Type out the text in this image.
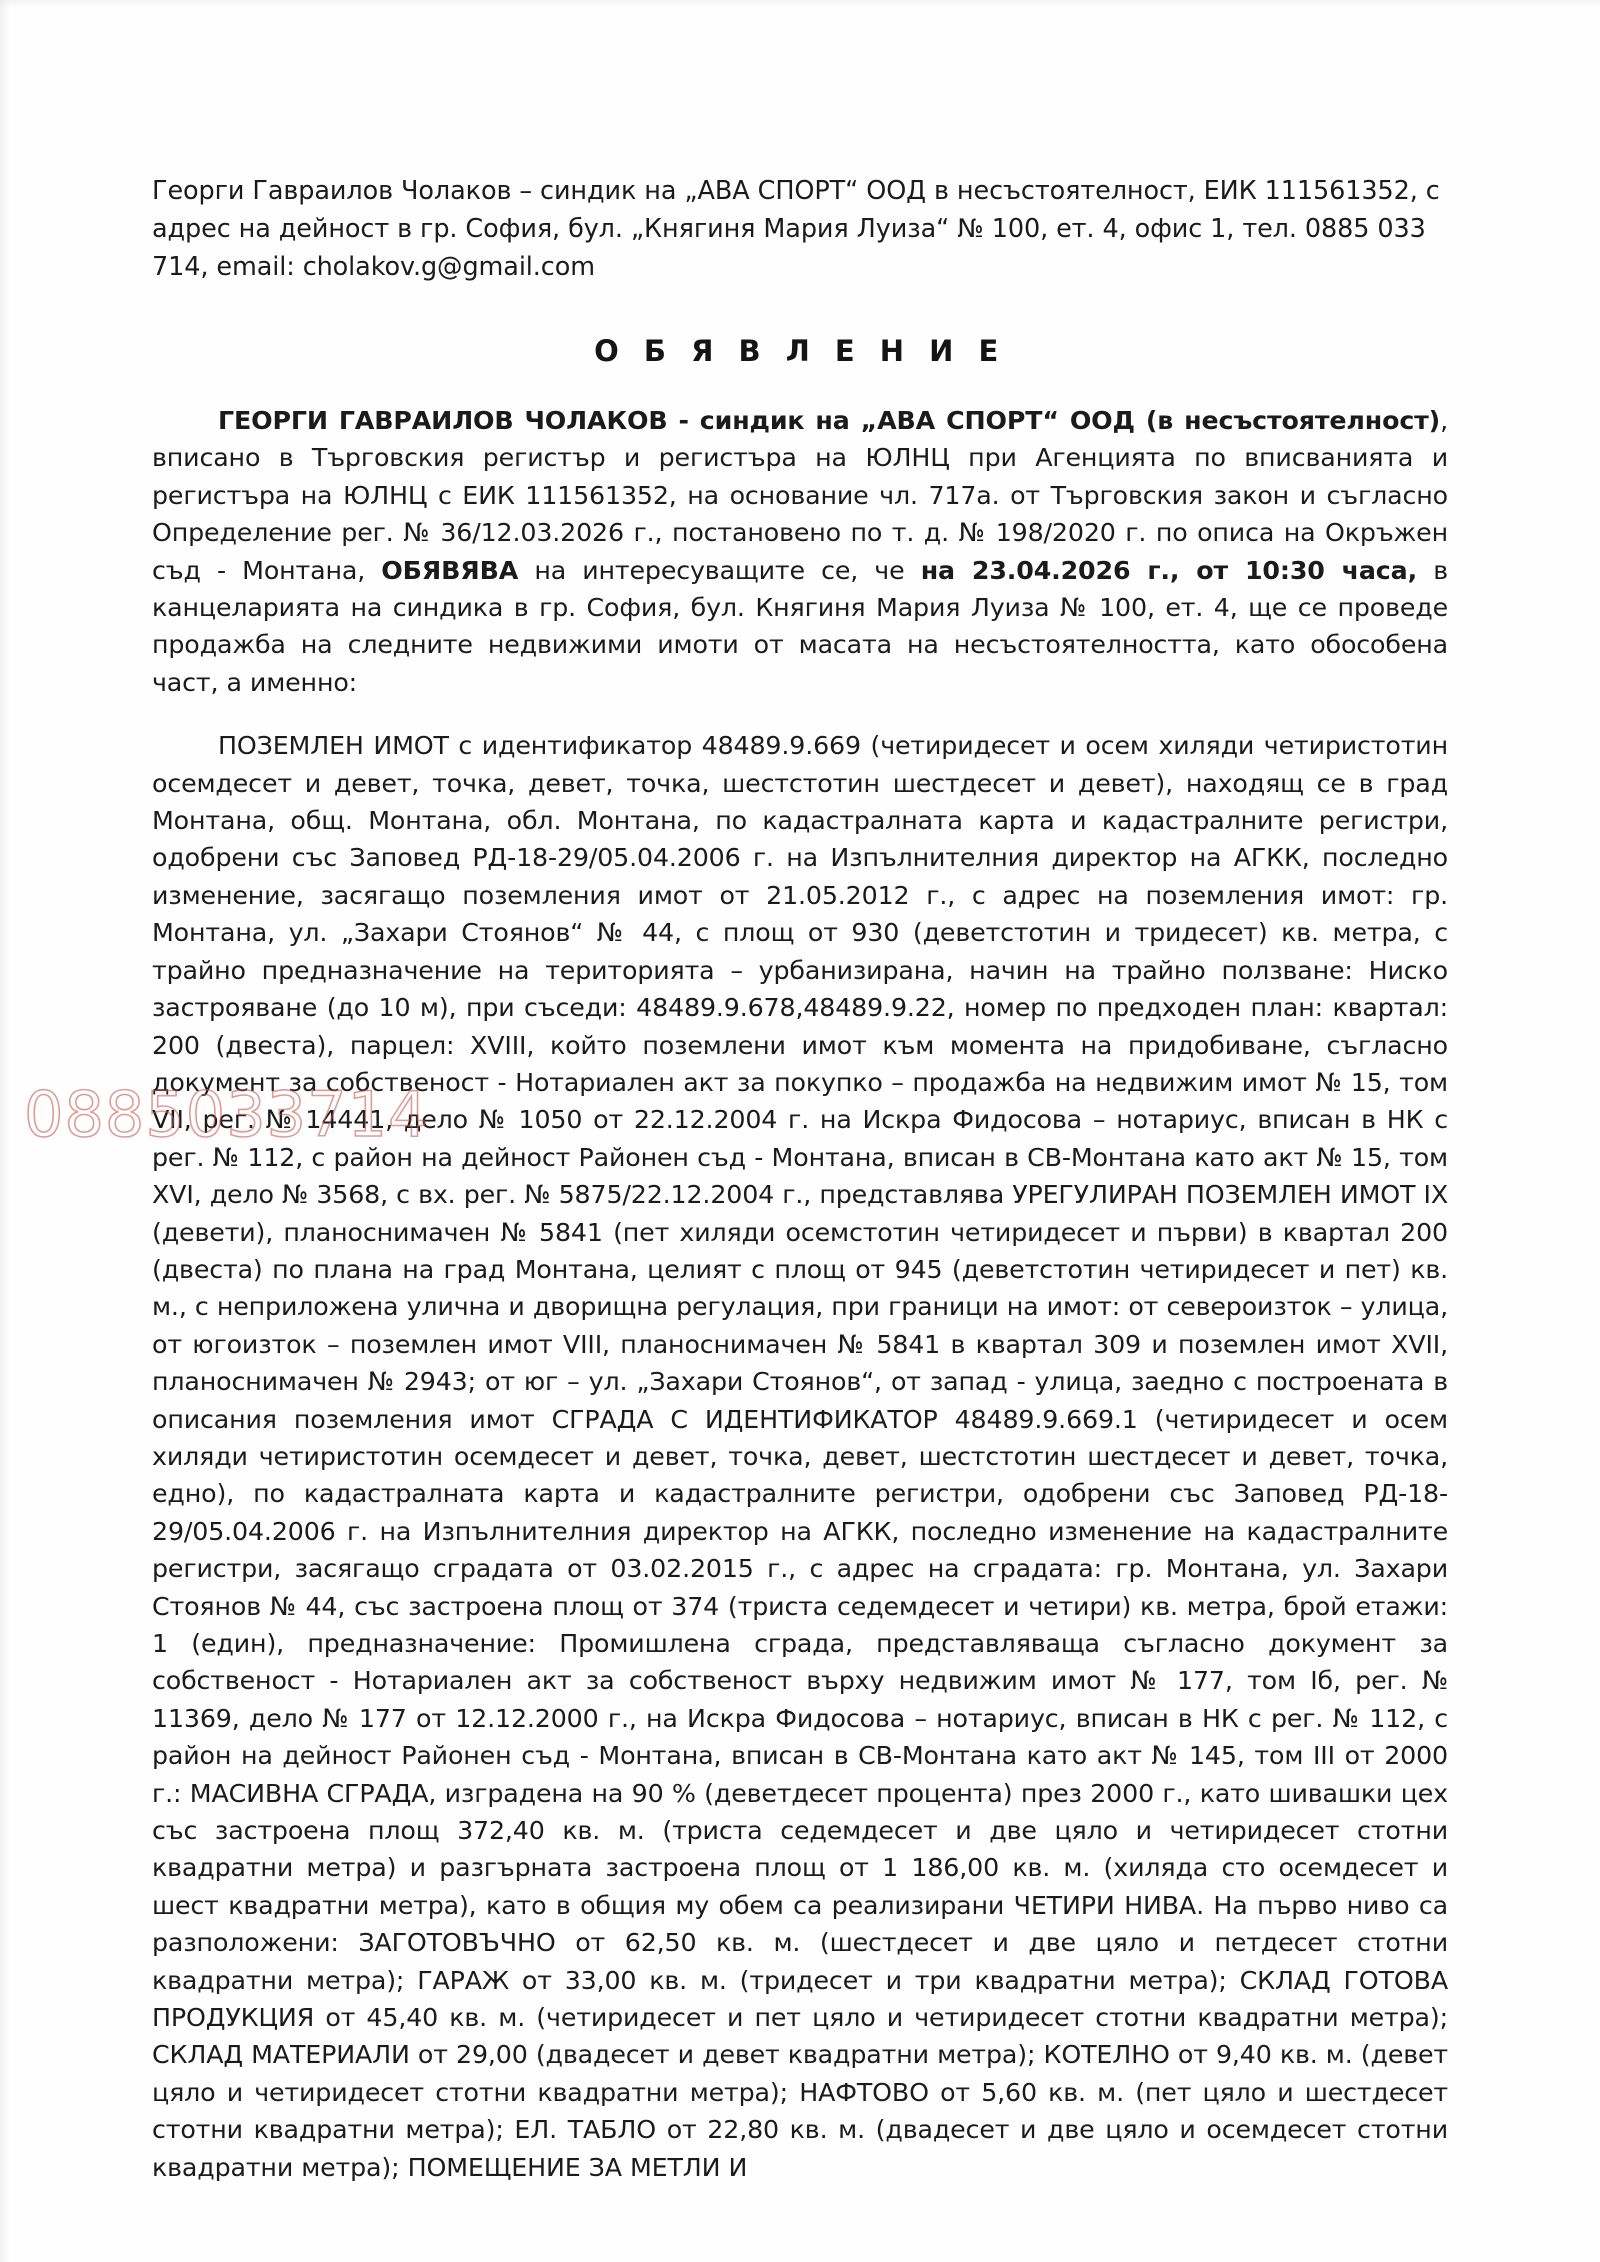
Георги Гавраилов Чолаков – синдик на „АВА СПОРТ“ ООД в несъстоятелност, ЕИК 111561352, с адрес на дейност в гр. София, бул. „Княгиня Мария Луиза“ № 100, ет. 4, офис 1, тел. 0885 033 714, email: cholakov.g@gmail.com
О Б Я В Л Е Н И Е

ГЕОРГИ ГАВРАИЛОВ ЧОЛАКОВ - синдик на „АВА СПОРТ“ ООД (в несъстоятелност), вписано в Търговския регистър и регистъра на ЮЛНЦ при Агенцията по вписванията и регистъра на ЮЛНЦ с ЕИК 111561352, на основание чл. 717а. от Търговския закон и съгласно Определение рег. № 36/12.03.2026 г., постановено по т. д. № 198/2020 г. по описа на Окръжен съд - Монтана, ОБЯВЯВА на интересуващите се, че на 23.04.2026 г., от 10:30 часа, в канцеларията на синдика в гр. София, бул. Княгиня Мария Луиза № 100, ет. 4, ще се проведе продажба на следните недвижими имоти от масата на несъстоятелността, като обособена част, а именно:

ПОЗЕМЛЕН ИМОТ с идентификатор 48489.9.669 (четиридесет и осем хиляди четиристотин осемдесет и девет, точка, девет, точка, шестстотин шестдесет и девет), находящ се в град Монтана, общ. Монтана, обл. Монтана, по кадастралната карта и кадастралните регистри, одобрени със Заповед РД-18-29/05.04.2006 г. на Изпълнителния директор на АГКК, последно изменение, засягащо поземления имот от 21.05.2012 г., с адрес на поземления имот: гр. Монтана, ул. „Захари Стоянов“ № 44, с площ от 930 (деветстотин и тридесет) кв. метра, с трайно предназначение на територията – урбанизирана, начин на трайно ползване: Ниско застрояване (до 10 м), при съседи: 48489.9.678,48489.9.22, номер по предходен план: квартал: 200 (двеста), парцел: XVIII, който поземлени имот към момента на придобиване, съгласно документ за собственост - Нотариален акт за покупко – продажба на недвижим имот № 15, том VII, рег. № 14441, дело № 1050 от 22.12.2004 г. на Искра Фидосова – нотариус, вписан в НК с рег. № 112, с район на дейност Районен съд - Монтана, вписан в СВ-Монтана като акт № 15, том XVI, дело № 3568, с вх. рег. № 5875/22.12.2004 г., представлява УРЕГУЛИРАН ПОЗЕМЛЕН ИМОТ IX (девети), планоснимачен № 5841 (пет хиляди осемстотин четиридесет и първи) в квартал 200 (двеста) по плана на град Монтана, целият с площ от 945 (деветстотин четиридесет и пет) кв. м., с неприложена улична и дворищна регулация, при граници на имот: от североизток – улица, от югоизток – поземлен имот VIII, планоснимачен № 5841 в квартал 309 и поземлен имот XVII, планоснимачен № 2943; от юг – ул. „Захари Стоянов“, от запад - улица, заедно с построената в описания поземления имот СГРАДА С ИДЕНТИФИКАТОР 48489.9.669.1 (четиридесет и осем хиляди четиристотин осемдесет и девет, точка, девет, шестстотин шестдесет и девет, точка, едно), по кадастралната карта и кадастралните регистри, одобрени със Заповед РД-18-29/05.04.2006 г. на Изпълнителния директор на АГКК, последно изменение на кадастралните регистри, засягащо сградата от 03.02.2015 г., с адрес на сградата: гр. Монтана, ул. Захари Стоянов № 44, със застроена площ от 374 (триста седемдесет и четири) кв. метра, брой етажи: 1 (един), предназначение: Промишлена сграда, представляваща съгласно документ за собственост - Нотариален акт за собственост върху недвижим имот № 177, том Iб, рег. № 11369, дело № 177 от 12.12.2000 г., на Искра Фидосова – нотариус, вписан в НК с рег. № 112, с район на дейност Районен съд - Монтана, вписан в СВ-Монтана като акт № 145, том III от 2000 г.: МАСИВНА СГРАДА, изградена на 90 % (деветдесет процента) през 2000 г., като шивашки цех със застроена площ 372,40 кв. м. (триста седемдесет и две цяло и четиридесет стотни квадратни метра) и разгърната застроена площ от 1 186,00 кв. м. (хиляда сто осемдесет и шест квадратни метра), като в общия му обем са реализирани ЧЕТИРИ НИВА. На първо ниво са разположени: ЗАГОТОВЪЧНО от 62,50 кв. м. (шестдесет и две цяло и петдесет стотни квадратни метра); ГАРАЖ от 33,00 кв. м. (тридесет и три квадратни метра); СКЛАД ГОТОВА ПРОДУКЦИЯ от 45,40 кв. м. (четиридесет и пет цяло и четиридесет стотни квадратни метра); СКЛАД МАТЕРИАЛИ от 29,00 (двадесет и девет квадратни метра); КОТЕЛНО от 9,40 кв. м. (девет цяло и четиридесет стотни квадратни метра); НАФТОВО от 5,60 кв. м. (пет цяло и шестдесет стотни квадратни метра); ЕЛ. ТАБЛО от 22,80 кв. м. (двадесет и две цяло и осемдесет стотни квадратни метра); ПОМЕЩЕНИЕ ЗА МЕТЛИ И

0885033714
